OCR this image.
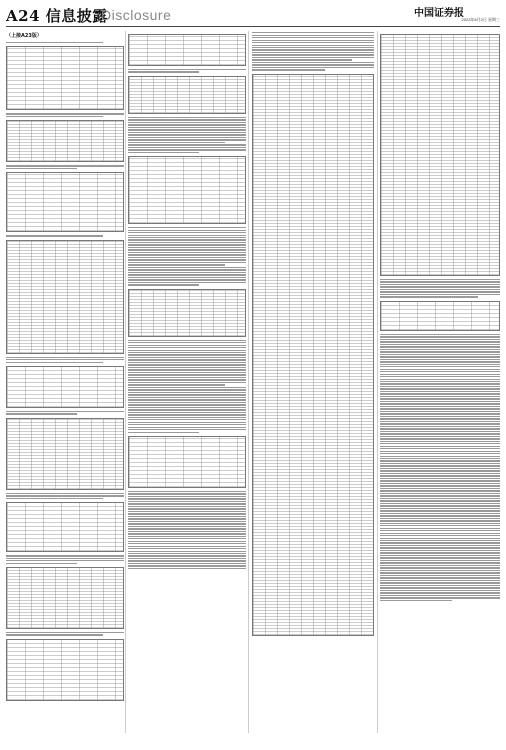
A24 信息披露
Disclosure	中国证券报
2023年8月2日 星期三
（上接A23版）
